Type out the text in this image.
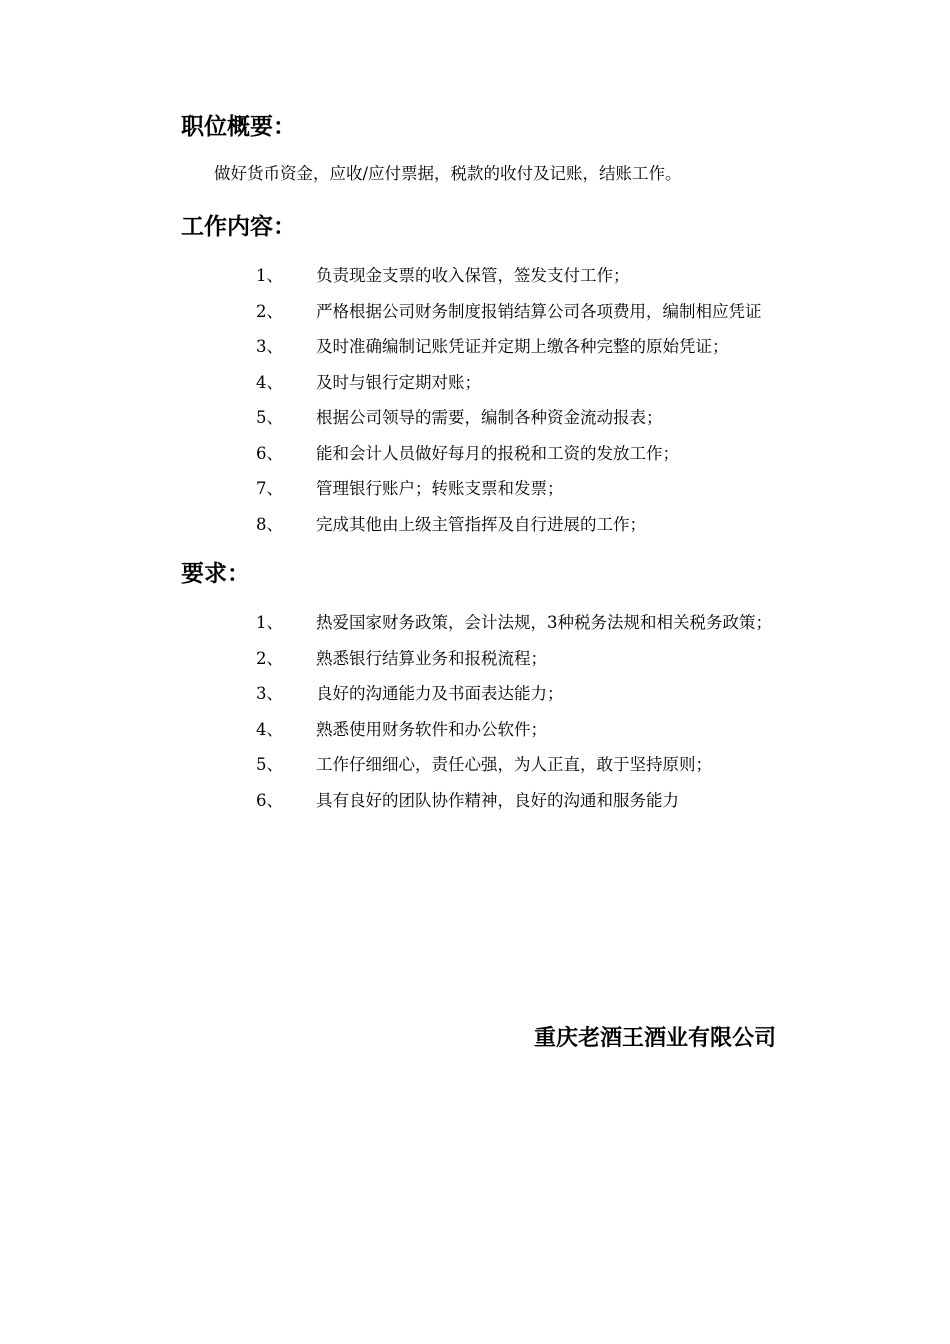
职位概要：
做好货币资金，应收/应付票据，税款的收付及记账，结账工作。
工作内容：
1、 负责现金支票的收入保管，签发支付工作；
2、 严格根据公司财务制度报销结算公司各项费用，编制相应凭证
3、 及时准确编制记账凭证并定期上缴各种完整的原始凭证；
4、 及时与银行定期对账；
5、 根据公司领导的需要，编制各种资金流动报表；
6、 能和会计人员做好每月的报税和工资的发放工作；
7、 管理银行账户；转账支票和发票；
8、 完成其他由上级主管指挥及自行进展的工作；
要求：
1、 热爱国家财务政策，会计法规，3种税务法规和相关税务政策；
2、 熟悉银行结算业务和报税流程；
3、 良好的沟通能力及书面表达能力；
4、 熟悉使用财务软件和办公软件；
5、 工作仔细细心，责任心强，为人正直，敢于坚持原则；
6、 具有良好的团队协作精神，良好的沟通和服务能力
重庆老酒王酒业有限公司
